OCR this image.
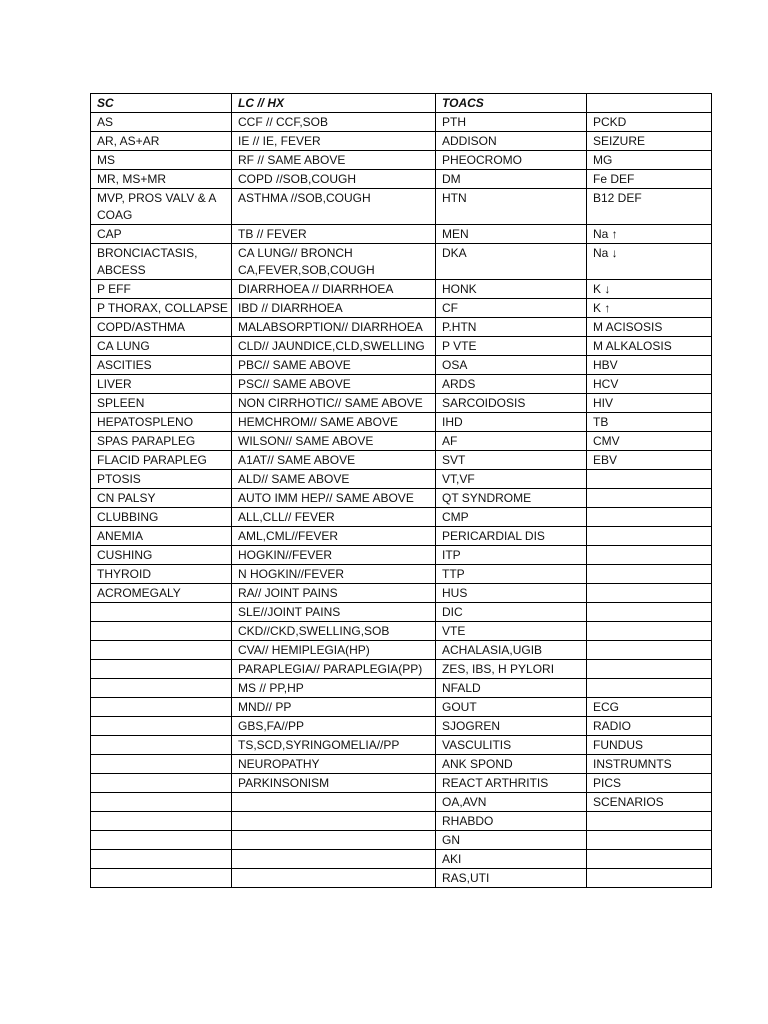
SC	LC // HX	TOACS	
AS	CCF // CCF,SOB	PTH	PCKD
AR, AS+AR	IE // IE, FEVER	ADDISON	SEIZURE
MS	RF // SAME ABOVE	PHEOCROMO	MG
MR, MS+MR	COPD //SOB,COUGH	DM	Fe DEF
MVP, PROS VALV & A COAG	ASTHMA //SOB,COUGH	HTN	B12 DEF
CAP	TB // FEVER	MEN	Na ↑
BRONCIACTASIS, ABCESS	CA LUNG// BRONCH CA,FEVER,SOB,COUGH	DKA	Na ↓
P EFF	DIARRHOEA // DIARRHOEA	HONK	K ↓
P THORAX, COLLAPSE	IBD // DIARRHOEA	CF	K ↑
COPD/ASTHMA	MALABSORPTION// DIARRHOEA	P.HTN	M ACISOSIS
CA LUNG	CLD// JAUNDICE,CLD,SWELLING	P VTE	M ALKALOSIS
ASCITIES	PBC// SAME ABOVE	OSA	HBV
LIVER	PSC// SAME ABOVE	ARDS	HCV
SPLEEN	NON CIRRHOTIC// SAME ABOVE	SARCOIDOSIS	HIV
HEPATOSPLENO	HEMCHROM// SAME ABOVE	IHD	TB
SPAS PARAPLEG	WILSON// SAME ABOVE	AF	CMV
FLACID PARAPLEG	A1AT// SAME ABOVE	SVT	EBV
PTOSIS	ALD// SAME ABOVE	VT,VF	
CN PALSY	AUTO IMM HEP// SAME ABOVE	QT SYNDROME	
CLUBBING	ALL,CLL// FEVER	CMP	
ANEMIA	AML,CML//FEVER	PERICARDIAL DIS	
CUSHING	HOGKIN//FEVER	ITP	
THYROID	N HOGKIN//FEVER	TTP	
ACROMEGALY	RA// JOINT PAINS	HUS	
	SLE//JOINT PAINS	DIC	
	CKD//CKD,SWELLING,SOB	VTE	
	CVA// HEMIPLEGIA(HP)	ACHALASIA,UGIB	
	PARAPLEGIA// PARAPLEGIA(PP)	ZES, IBS, H PYLORI	
	MS // PP,HP	NFALD	
	MND// PP	GOUT	ECG
	GBS,FA//PP	SJOGREN	RADIO
	TS,SCD,SYRINGOMELIA//PP	VASCULITIS	FUNDUS
	NEUROPATHY	ANK SPOND	INSTRUMNTS
	PARKINSONISM	REACT ARTHRITIS	PICS
		OA,AVN	SCENARIOS
		RHABDO	
		GN	
		AKI	
		RAS,UTI	
